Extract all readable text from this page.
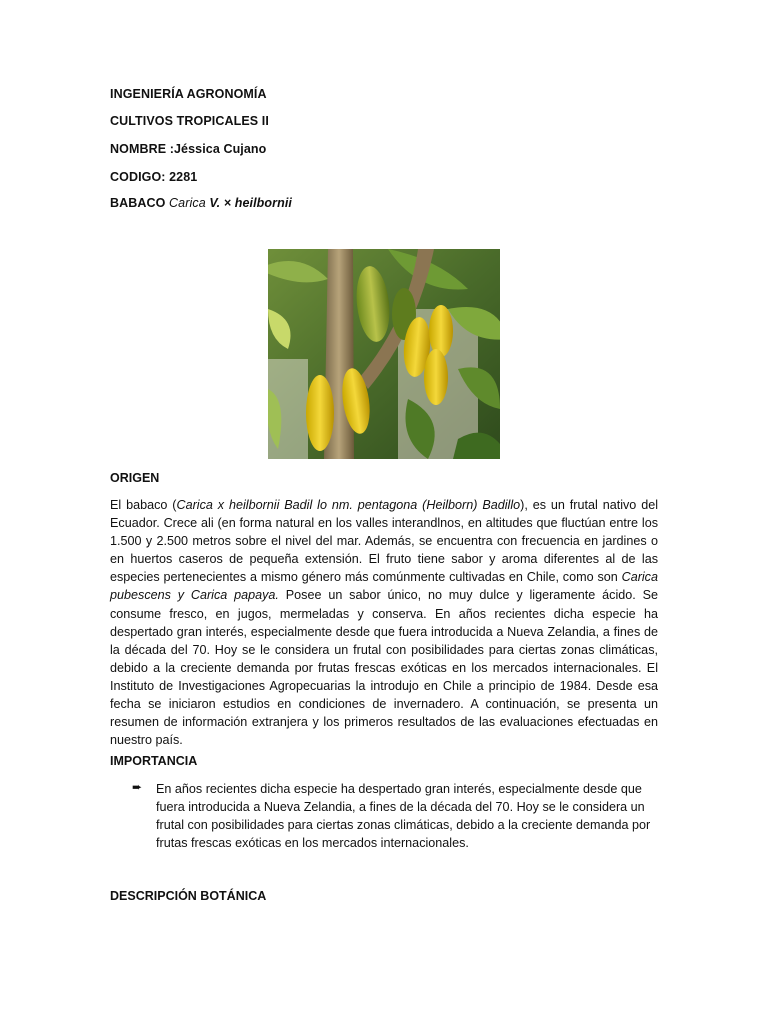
INGENIERÍA AGRONOMÍA
CULTIVOS TROPICALES II
NOMBRE :Jéssica Cujano
CODIGO: 2281
BABACO Carica V. × heilbornii
ORIGEN
El babaco (Carica x heilbornii Badil lo nm. pentagona (Heilborn) Badillo), es un frutal nativo del Ecuador. Crece ali (en forma natural en los valles interandlnos, en altitudes que fluctúan entre los 1.500 y 2.500 metros sobre el nivel del mar. Además, se encuentra con frecuencia en jardines o en huertos caseros de pequeña extensión. El fruto tiene sabor y aroma diferentes al de las especies pertenecientes a mismo género más comúnmente cultivadas en Chile, como son Carica pubescens y Carica papaya. Posee un sabor único, no muy dulce y ligeramente ácido. Se consume fresco, en jugos, mermeladas y conserva. En años recientes dicha especie ha despertado gran interés, especialmente desde que fuera introducida a Nueva Zelandia, a fines de la década del 70. Hoy se le considera un frutal con posibilidades para ciertas zonas climáticas, debido a la creciente demanda por frutas frescas exóticas en los mercados internacionales. El Instituto de Investigaciones Agropecuarias la introdujo en Chile a principio de 1984. Desde esa fecha se iniciaron estudios en condiciones de invernadero. A continuación, se presenta un resumen de información extranjera y los primeros resultados de las evaluaciones efectuadas en nuestro país.
IMPORTANCIA
➨	En años recientes dicha especie ha despertado gran interés, especialmente desde que fuera introducida a Nueva Zelandia, a fines de la década del 70. Hoy se le considera un frutal con posibilidades para ciertas zonas climáticas, debido a la creciente demanda por frutas frescas exóticas en los mercados internacionales.
DESCRIPCIÓN BOTÁNICA
